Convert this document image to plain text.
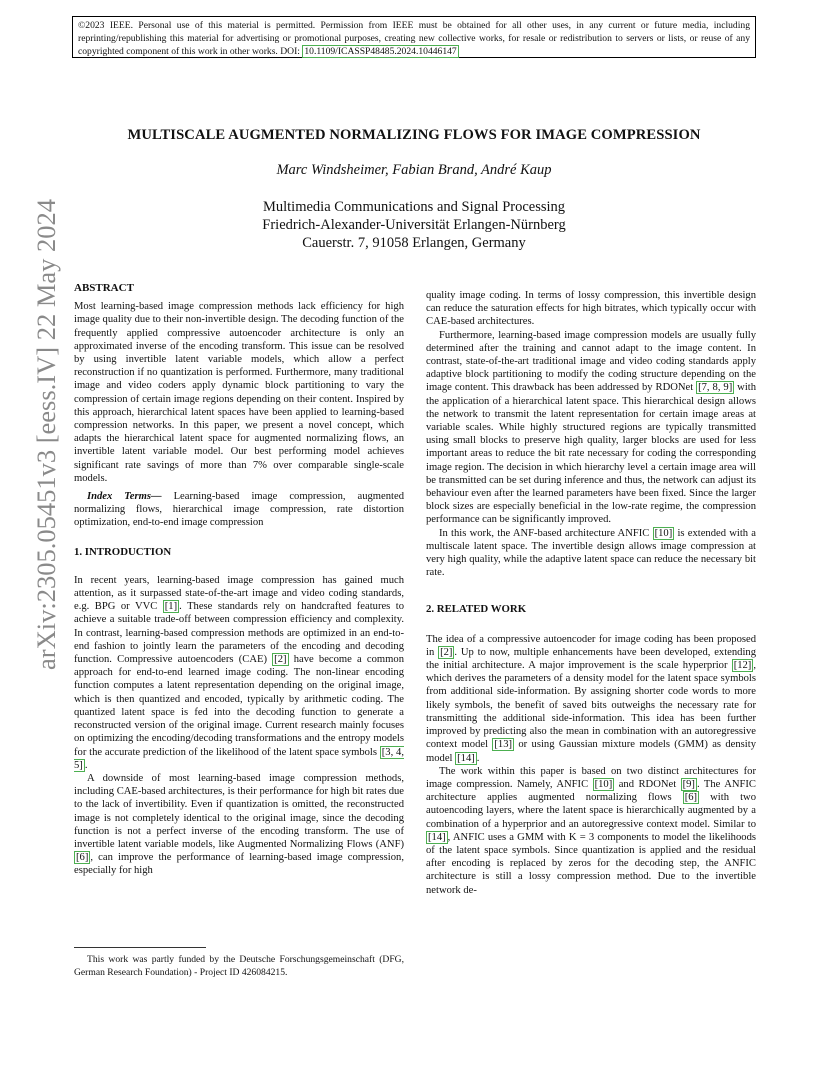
©2023 IEEE. Personal use of this material is permitted. Permission from IEEE must be obtained for all other uses, in any current or future media, including reprinting/republishing this material for advertising or promotional purposes, creating new collective works, for resale or redistribution to servers or lists, or reuse of any copyrighted component of this work in other works. DOI: 10.1109/ICASSP48485.2024.10446147
MULTISCALE AUGMENTED NORMALIZING FLOWS FOR IMAGE COMPRESSION
Marc Windsheimer, Fabian Brand, André Kaup
Multimedia Communications and Signal Processing
Friedrich-Alexander-Universität Erlangen-Nürnberg
Cauerstr. 7, 91058 Erlangen, Germany
arXiv:2305.05451v3 [eess.IV] 22 May 2024 ABSTRACT

Most learning-based image compression methods lack efficiency for high image quality due to their non-invertible design. The decoding function of the frequently applied compressive autoencoder architecture is only an approximated inverse of the encoding transform. This issue can be resolved by using invertible latent variable models, which allow a perfect reconstruction if no quantization is performed. Furthermore, many traditional image and video coders apply dynamic block partitioning to vary the compression of certain image regions depending on their content. Inspired by this approach, hierarchical latent spaces have been applied to learning-based compression networks. In this paper, we present a novel concept, which adapts the hierarchical latent space for augmented normalizing flows, an invertible latent variable model. Our best performing model achieves significant rate savings of more than 7% over comparable single-scale models.

Index Terms— Learning-based image compression, augmented normalizing flows, hierarchical image compression, rate distortion optimization, end-to-end image compression

1. INTRODUCTION

In recent years, learning-based image compression has gained much attention, as it surpassed state-of-the-art image and video coding standards, e.g. BPG or VVC [1] . These standards rely on handcrafted features to achieve a suitable trade-off between compression efficiency and complexity. In contrast, learning-based compression methods are optimized in an end-to-end fashion to jointly learn the parameters of the encoding and decoding function. Compressive autoencoders (CAE) [2] have become a common approach for end-to-end learned image coding. The non-linear encoding function computes a latent representation depending on the original image, which is then quantized and encoded, typically by arithmetic coding. The quantized latent space is fed into the decoding function to generate a reconstructed version of the original image. Current research mainly focuses on optimizing the encoding/decoding transformations and the entropy models for the accurate prediction of the likelihood of the latent space symbols [3, 4, 5] .

A downside of most learning-based image compression methods, including CAE-based architectures, is their performance for high bit rates due to the lack of invertibility. Even if quantization is omitted, the reconstructed image is not completely identical to the original image, since the decoding function is not a perfect inverse of the encoding transform. The use of invertible latent variable models, like Augmented Normalizing Flows (ANF) [6] , can improve the performance of learning-based image compression, especially for high

quality image coding. In terms of lossy compression, this invertible design can reduce the saturation effects for high bitrates, which typically occur with CAE-based architectures.

Furthermore, learning-based image compression models are usually fully determined after the training and cannot adapt to the image content. In contrast, state-of-the-art traditional image and video coding standards apply adaptive block partitioning to modify the coding structure depending on the image content. This drawback has been addressed by RDONet [7, 8, 9] with the application of a hierarchical latent space. This hierarchical design allows the network to transmit the latent representation for certain image areas at variable scales. While highly structured regions are typically transmitted using small blocks to preserve high quality, larger blocks are used for less important areas to reduce the bit rate necessary for coding the corresponding image region. The decision in which hierarchy level a certain image area will be transmitted can be set during inference and thus, the network can adjust its behaviour even after the learned parameters have been fixed. Since the larger block sizes are especially beneficial in the low-rate regime, the compression performance can be significantly improved.

In this work, the ANF-based architecture ANFIC [10] is extended with a multiscale latent space. The invertible design allows image compression at very high quality, while the adaptive latent space can reduce the necessary bit rate.

2. RELATED WORK

The idea of a compressive autoencoder for image coding has been proposed in [2] . Up to now, multiple enhancements have been developed, extending the initial architecture. A major improvement is the scale hyperprior [12] , which derives the parameters of a density model for the latent space symbols from additional side-information. By assigning shorter code words to more likely symbols, the benefit of saved bits outweighs the necessary rate for transmitting the additional side-information. This idea has been further improved by predicting also the mean in combination with an autoregressive context model [13] or using Gaussian mixture models (GMM) as density model [14] .

The work within this paper is based on two distinct architectures for image compression. Namely, ANFIC [10] and RDONet [9] . The ANFIC architecture applies augmented normalizing flows [6] with two autoencoding layers, where the latent space is hierarchically augmented by a combination of a hyperprior and an autoregressive context model. Similar to [14] , ANFIC uses a GMM with K = 3 components to model the likelihoods of the latent space symbols. Since quantization is applied and the residual after encoding is replaced by zeros for the decoding step, the ANFIC architecture is still a lossy compression method. Due to the invertible network de-

This work was partly funded by the Deutsche Forschungsgemeinschaft (DFG, German Research Foundation) - Project ID 426084215.
